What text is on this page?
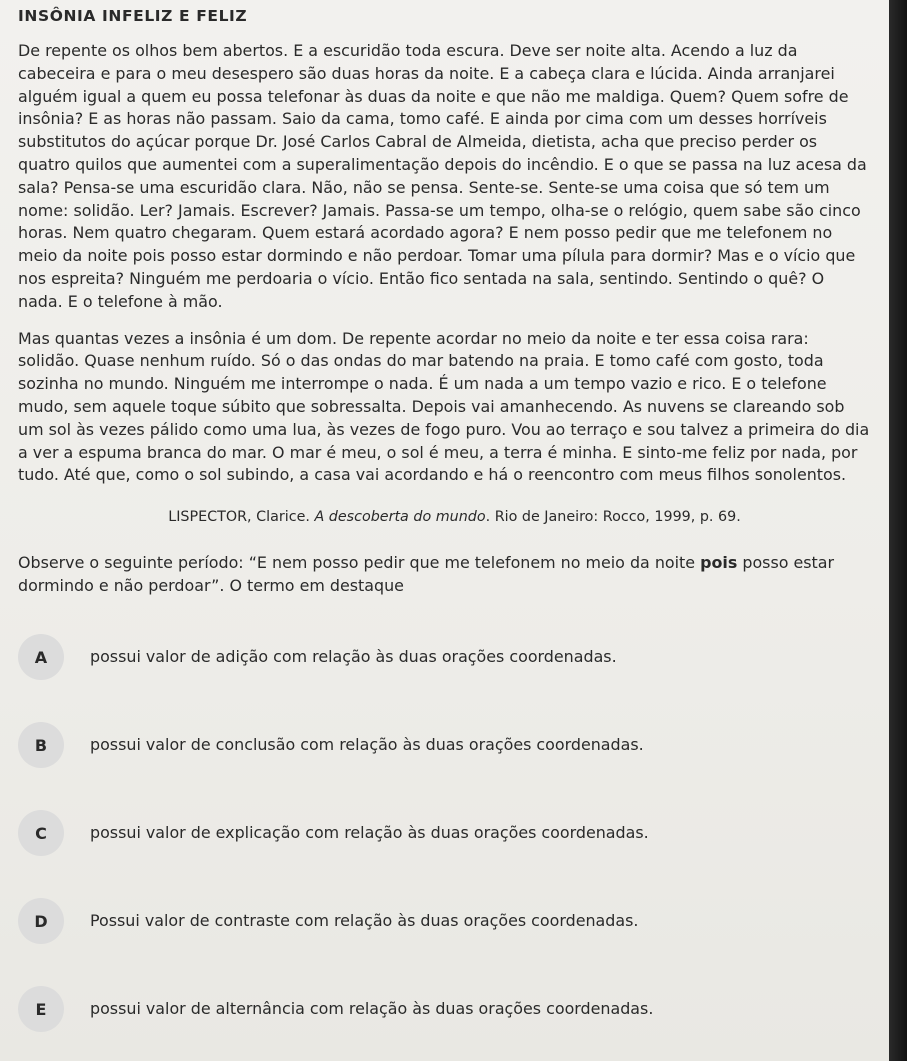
INSÔNIA INFELIZ E FELIZ

De repente os olhos bem abertos. E a escuridão toda escura. Deve ser noite alta. Acendo a luz da cabeceira e para o meu desespero são duas horas da noite. E a cabeça clara e lúcida. Ainda arranjarei alguém igual a quem eu possa telefonar às duas da noite e que não me maldiga. Quem? Quem sofre de insônia? E as horas não passam. Saio da cama, tomo café. E ainda por cima com um desses horríveis substitutos do açúcar porque Dr. José Carlos Cabral de Almeida, dietista, acha que preciso perder os quatro quilos que aumentei com a superalimentação depois do incêndio. E o que se passa na luz acesa da sala? Pensa-se uma escuridão clara. Não, não se pensa. Sente-se. Sente-se uma coisa que só tem um nome: solidão. Ler? Jamais. Escrever? Jamais. Passa-se um tempo, olha-se o relógio, quem sabe são cinco horas. Nem quatro chegaram. Quem estará acordado agora? E nem posso pedir que me telefonem no meio da noite pois posso estar dormindo e não perdoar. Tomar uma pílula para dormir? Mas e o vício que nos espreita? Ninguém me perdoaria o vício. Então fico sentada na sala, sentindo. Sentindo o quê? O nada. E o telefone à mão.

Mas quantas vezes a insônia é um dom. De repente acordar no meio da noite e ter essa coisa rara: solidão. Quase nenhum ruído. Só o das ondas do mar batendo na praia. E tomo café com gosto, toda sozinha no mundo. Ninguém me interrompe o nada. É um nada a um tempo vazio e rico. E o telefone mudo, sem aquele toque súbito que sobressalta. Depois vai amanhecendo. As nuvens se clareando sob um sol às vezes pálido como uma lua, às vezes de fogo puro. Vou ao terraço e sou talvez a primeira do dia a ver a espuma branca do mar. O mar é meu, o sol é meu, a terra é minha. E sinto-me feliz por nada, por tudo. Até que, como o sol subindo, a casa vai acordando e há o reencontro com meus filhos sonolentos.

LISPECTOR, Clarice. A descoberta do mundo. Rio de Janeiro: Rocco, 1999, p. 69.

Observe o seguinte período: “E nem posso pedir que me telefonem no meio da noite pois posso estar dormindo e não perdoar”. O termo em destaque

A	possui valor de adição com relação às duas orações coordenadas.
B	possui valor de conclusão com relação às duas orações coordenadas.
C	possui valor de explicação com relação às duas orações coordenadas.
D	Possui valor de contraste com relação às duas orações coordenadas.
E	possui valor de alternância com relação às duas orações coordenadas.
